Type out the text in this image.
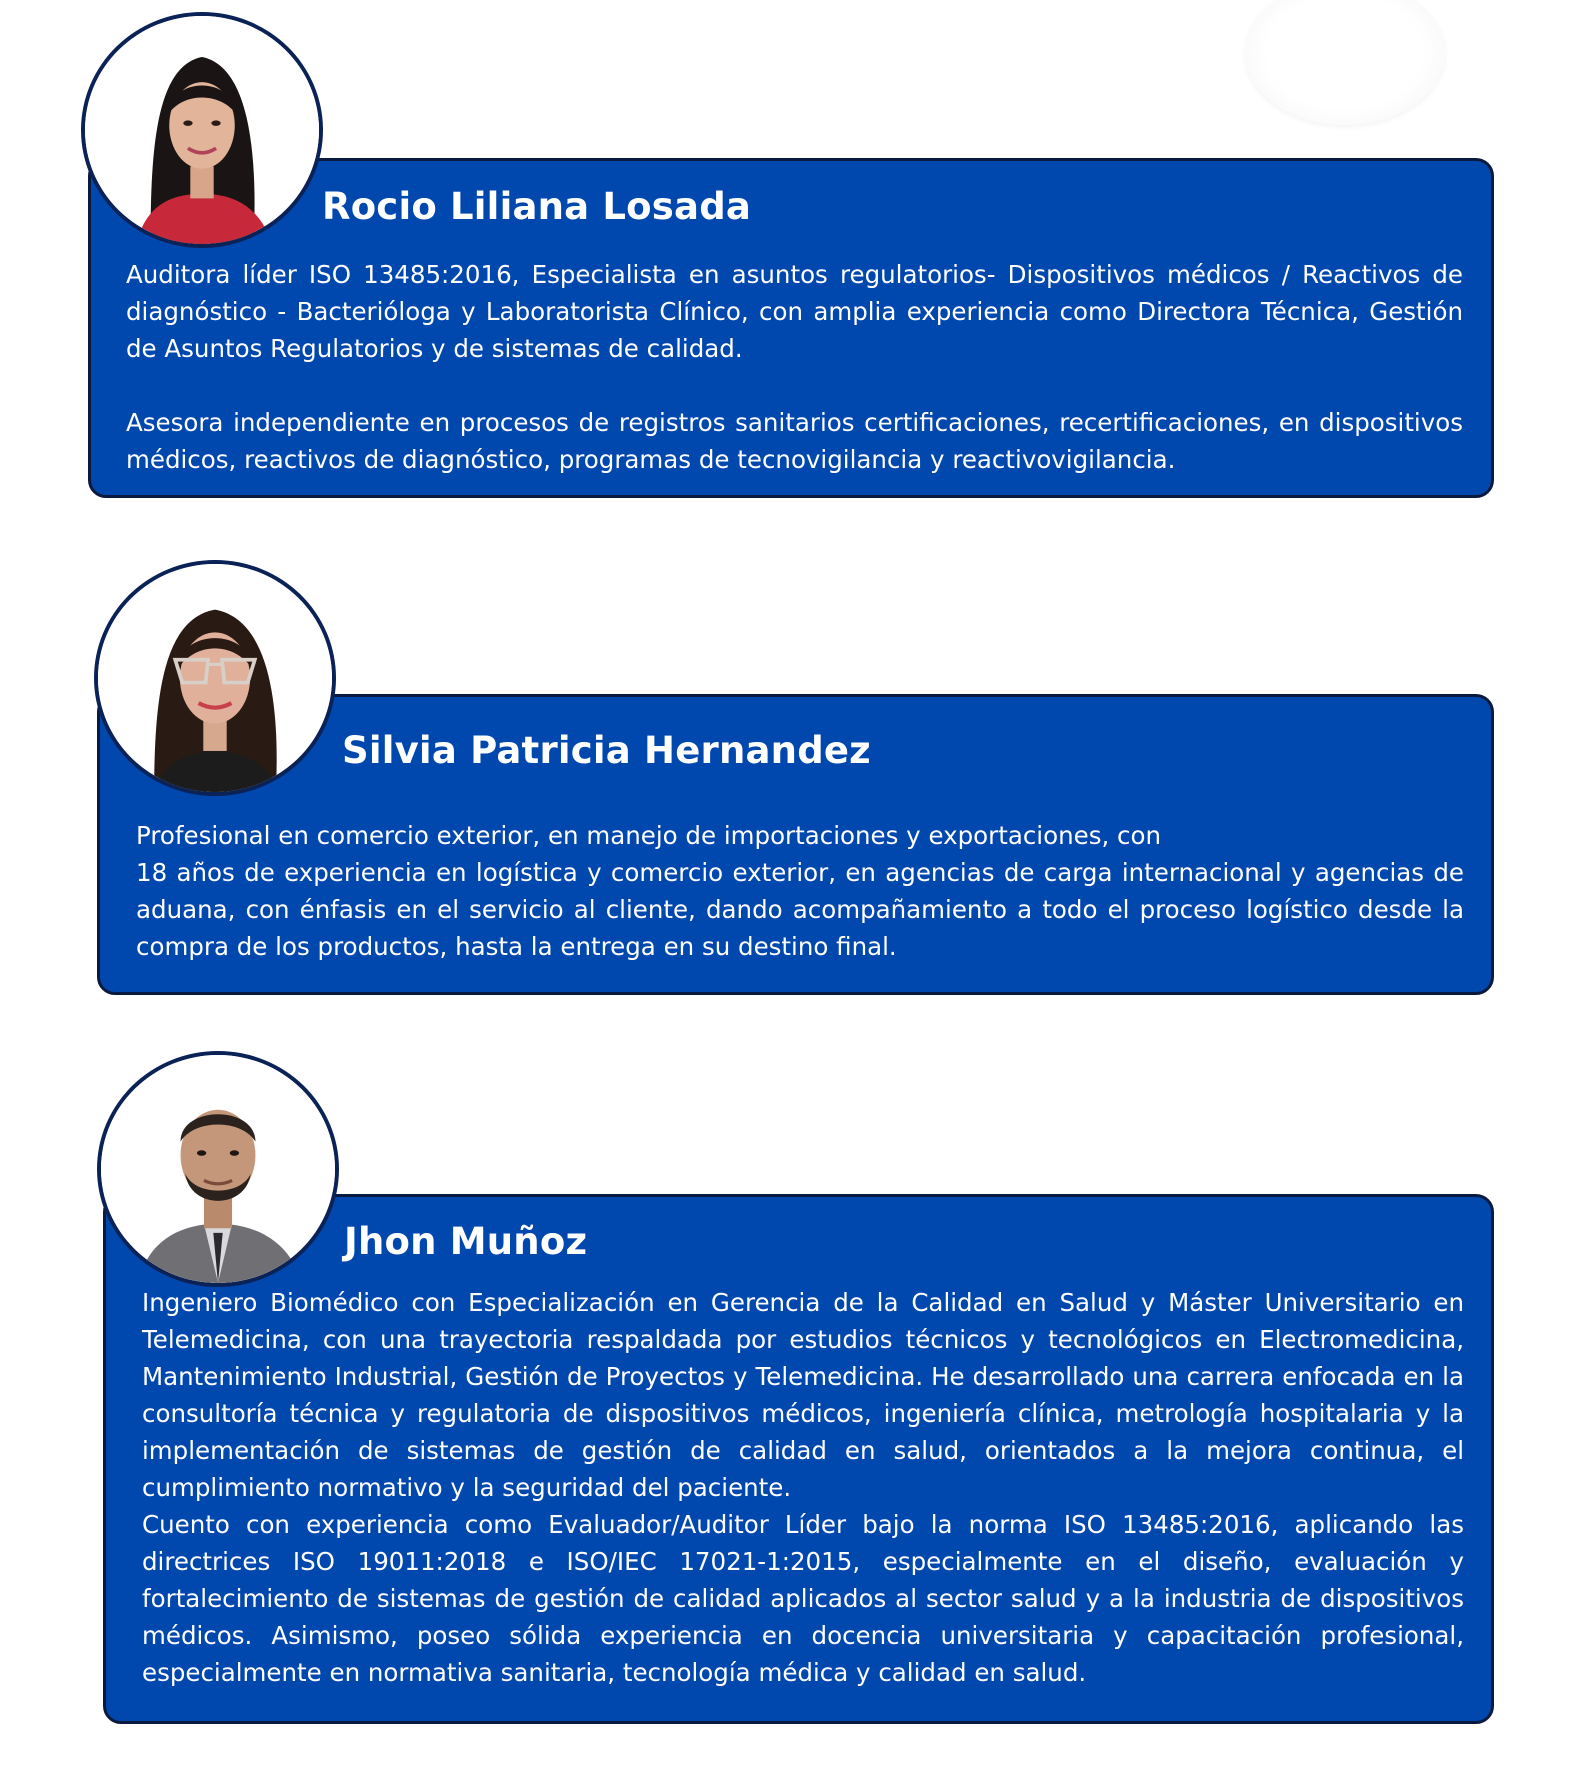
Rocio Liliana Losada

Auditora líder ISO 13485:2016, Especialista en asuntos regulatorios- Dispositivos médicos / Reactivos de diagnóstico - Bacterióloga y Laboratorista Clínico, con amplia experiencia como Directora Técnica, Gestión de Asuntos Regulatorios y de sistemas de calidad.

Asesora independiente en procesos de registros sanitarios certificaciones, recertificaciones, en dispositivos médicos, reactivos de diagnóstico, programas de tecnovigilancia y reactivovigilancia.

Silvia Patricia Hernandez

Profesional en comercio exterior, en manejo de importaciones y exportaciones, con

18 años de experiencia en logística y comercio exterior, en agencias de carga internacional y agencias de aduana, con énfasis en el servicio al cliente, dando acompañamiento a todo el proceso logístico desde la compra de los productos, hasta la entrega en su destino final.

Jhon Muñoz

Ingeniero Biomédico con Especialización en Gerencia de la Calidad en Salud y Máster Universitario en Telemedicina, con una trayectoria respaldada por estudios técnicos y tecnológicos en Electromedicina, Mantenimiento Industrial, Gestión de Proyectos y Telemedicina. He desarrollado una carrera enfocada en la consultoría técnica y regulatoria de dispositivos médicos, ingeniería clínica, metrología hospitalaria y la implementación de sistemas de gestión de calidad en salud, orientados a la mejora continua, el cumplimiento normativo y la seguridad del paciente.

Cuento con experiencia como Evaluador/Auditor Líder bajo la norma ISO 13485:2016, aplicando las directrices ISO 19011:2018 e ISO/IEC 17021-1:2015, especialmente en el diseño, evaluación y fortalecimiento de sistemas de gestión de calidad aplicados al sector salud y a la industria de dispositivos médicos. Asimismo, poseo sólida experiencia en docencia universitaria y capacitación profesional, especialmente en normativa sanitaria, tecnología médica y calidad en salud.
